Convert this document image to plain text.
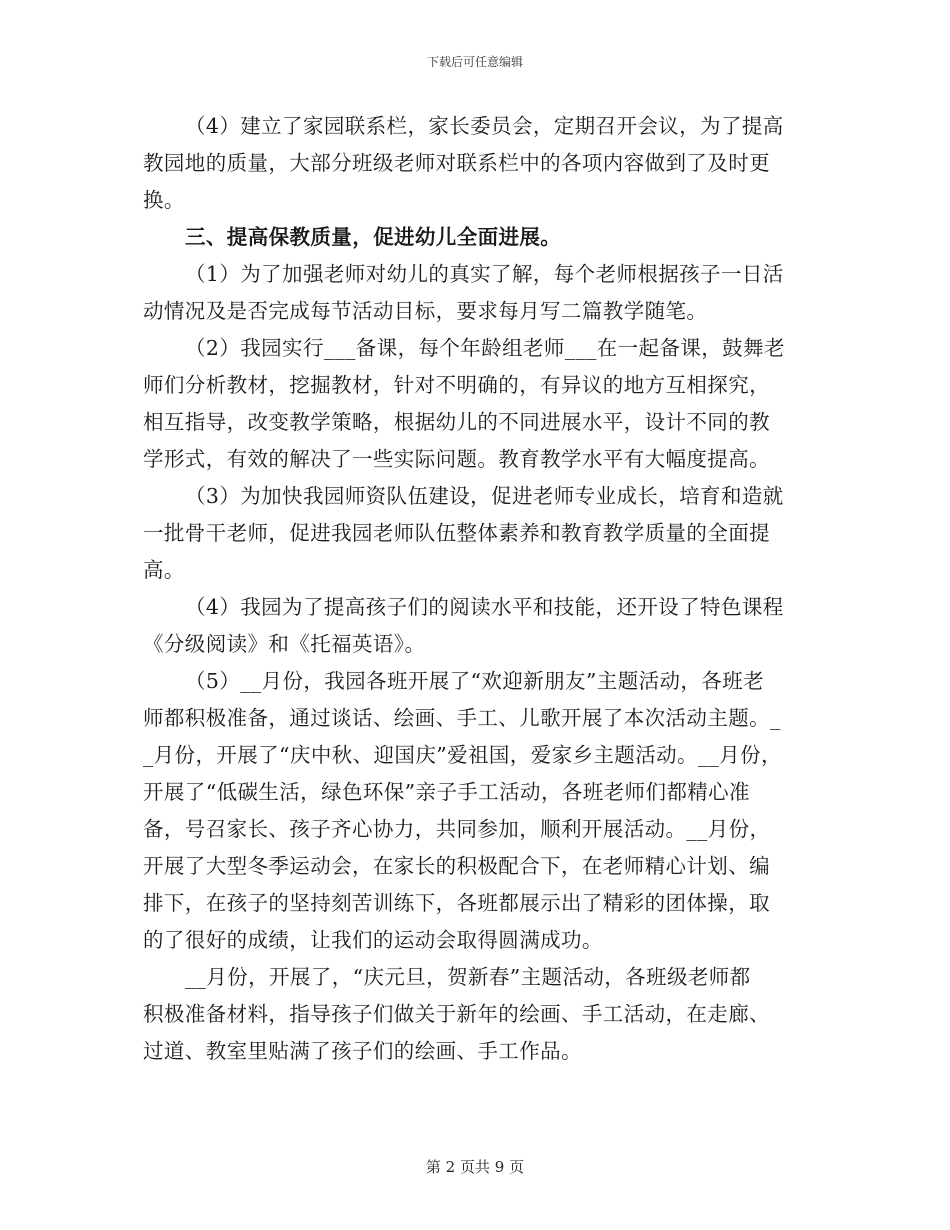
下载后可任意编辑
（4）建立了家园联系栏，家长委员会，定期召开会议，为了提高
教园地的质量，大部分班级老师对联系栏中的各项内容做到了及时更
换。
三、提高保教质量，促进幼儿全面进展。
（1）为了加强老师对幼儿的真实了解，每个老师根据孩子一日活
动情况及是否完成每节活动目标，要求每月写二篇教学随笔。
（2）我园实行___备课，每个年龄组老师___在一起备课，鼓舞老
师们分析教材，挖掘教材，针对不明确的，有异议的地方互相探究，
相互指导，改变教学策略，根据幼儿的不同进展水平，设计不同的教
学形式，有效的解决了一些实际问题。教育教学水平有大幅度提高。
（3）为加快我园师资队伍建设，促进老师专业成长，培育和造就
一批骨干老师，促进我园老师队伍整体素养和教育教学质量的全面提
高。
（4）我园为了提高孩子们的阅读水平和技能，还开设了特色课程
《分级阅读》和《托福英语》。
（5）__月份，我园各班开展了“欢迎新朋友”主题活动，各班老
师都积极准备，通过谈话、绘画、手工、儿歌开展了本次活动主题。_
_月份，开展了“庆中秋、迎国庆”爱祖国，爱家乡主题活动。__月份，
开展了“低碳生活，绿色环保”亲子手工活动，各班老师们都精心准
备，号召家长、孩子齐心协力，共同参加，顺利开展活动。__月份，
开展了大型冬季运动会，在家长的积极配合下，在老师精心计划、编
排下，在孩子的坚持刻苦训练下，各班都展示出了精彩的团体操，取
的了很好的成绩，让我们的运动会取得圆满成功。
__月份，开展了，“庆元旦，贺新春”主题活动，各班级老师都
积极准备材料，指导孩子们做关于新年的绘画、手工活动，在走廊、
过道、教室里贴满了孩子们的绘画、手工作品。
第 2 页共 9 页
